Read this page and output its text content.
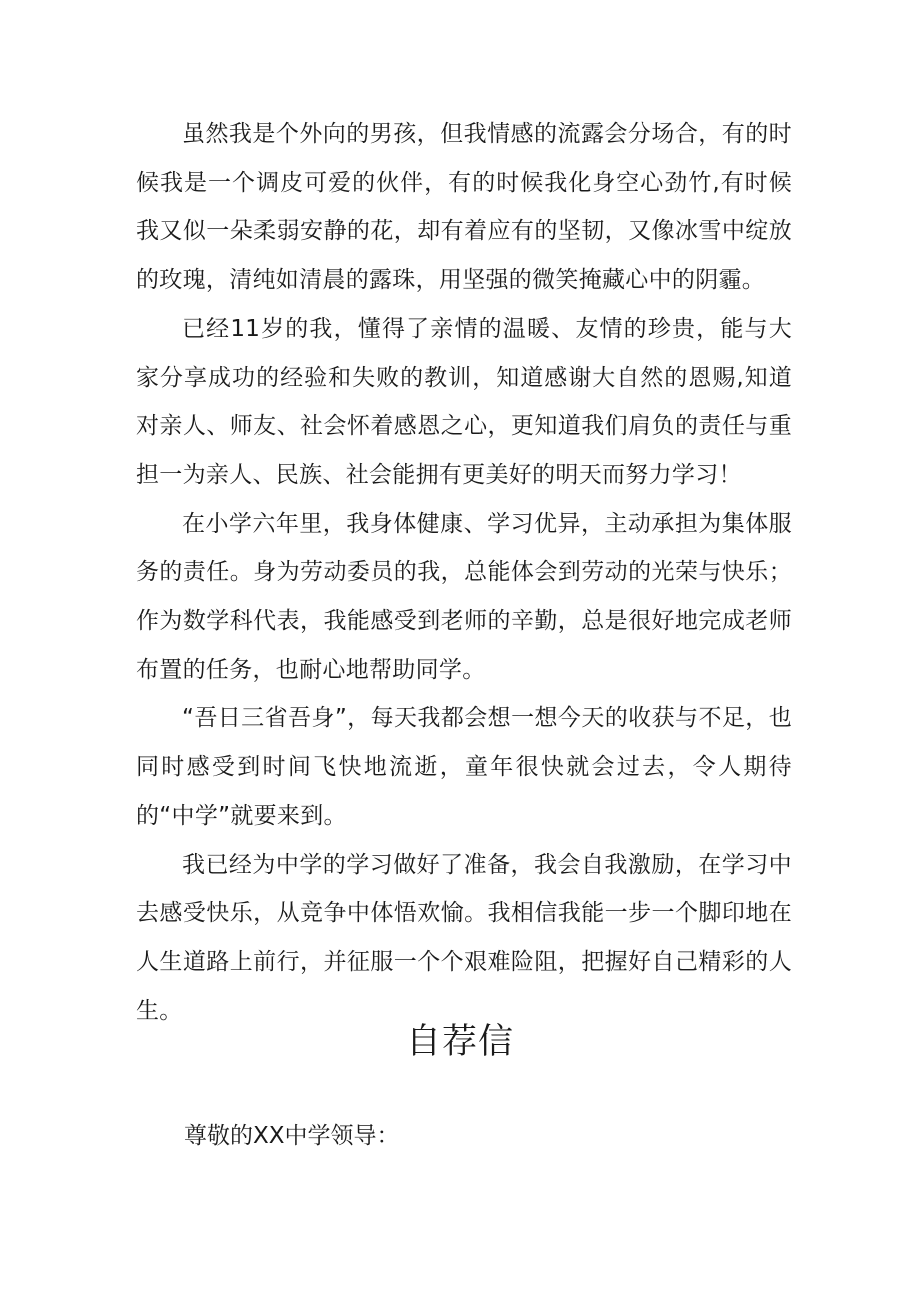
虽然我是个外向的男孩，但我情感的流露会分场合，有的时候我是一个调皮可爱的伙伴，有的时候我化身空心劲竹,有时候我又似一朵柔弱安静的花，却有着应有的坚韧，又像冰雪中绽放的玫瑰，清纯如清晨的露珠，用坚强的微笑掩藏心中的阴霾。

已经11岁的我，懂得了亲情的温暖、友情的珍贵，能与大家分享成功的经验和失败的教训，知道感谢大自然的恩赐,知道对亲人、师友、社会怀着感恩之心，更知道我们肩负的责任与重担一为亲人、民族、社会能拥有更美好的明天而努力学习！

在小学六年里，我身体健康、学习优异，主动承担为集体服务的责任。身为劳动委员的我，总能体会到劳动的光荣与快乐；作为数学科代表，我能感受到老师的辛勤，总是很好地完成老师布置的任务，也耐心地帮助同学。

“吾日三省吾身”，每天我都会想一想今天的收获与不足，也同时感受到时间飞快地流逝，童年很快就会过去，令人期待的“中学”就要来到。

我已经为中学的学习做好了准备，我会自我激励，在学习中去感受快乐，从竞争中体悟欢愉。我相信我能一步一个脚印地在人生道路上前行，并征服一个个艰难险阻，把握好自己精彩的人生。

自荐信

尊敬的XX中学领导：
